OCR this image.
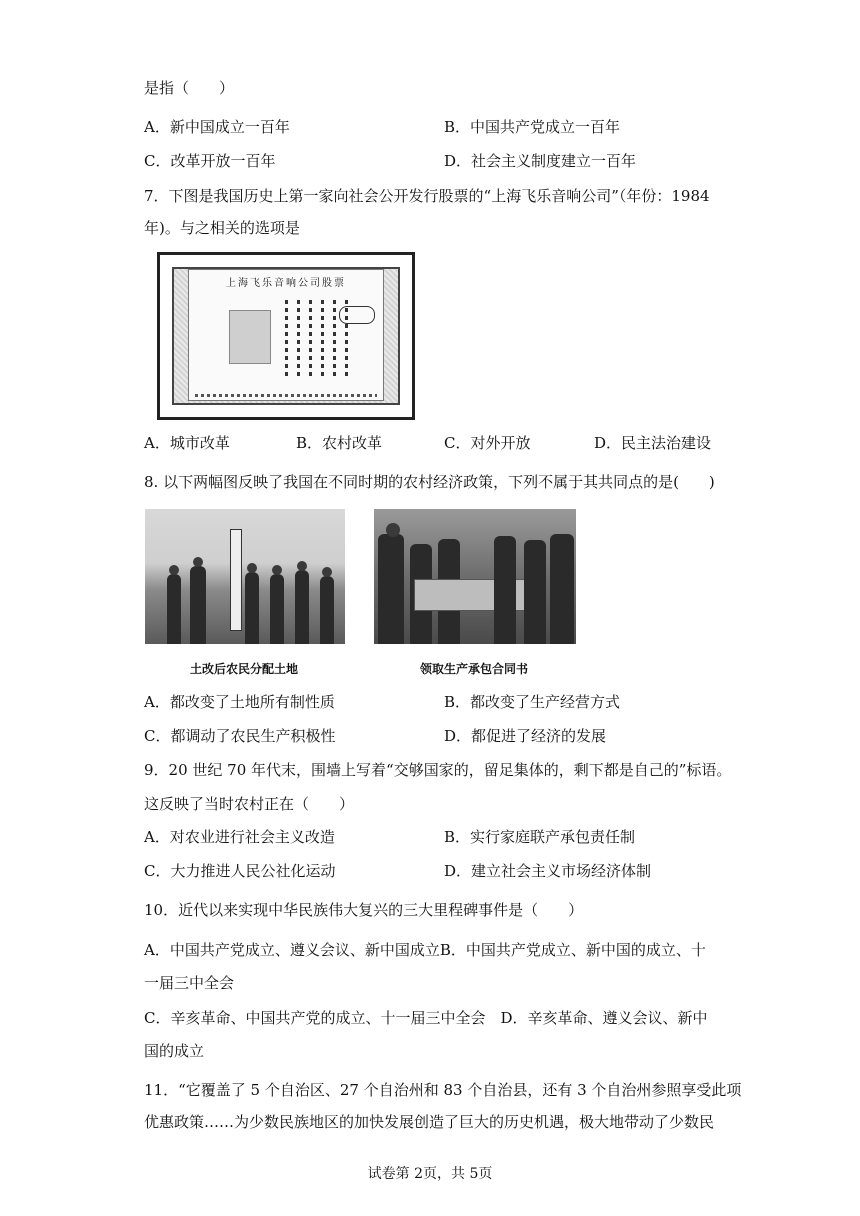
是指（　　）
A．新中国成立一百年	B．中国共产党成立一百年
C．改革开放一百年	D．社会主义制度建立一百年
7．下图是我国历史上第一家向社会公开发行股票的“上海飞乐音响公司”（年份：1984
年)。与之相关的选项是
上海飞乐音响公司股票
A．城市改革	B．农村改革	C．对外开放	D．民主法治建设
8. 以下两幅图反映了我国在不同时期的农村经济政策，下列不属于其共同点的是(　　)
土改后农民分配土地	领取生产承包合同书
A．都改变了土地所有制性质	B．都改变了生产经营方式
C．都调动了农民生产积极性	D．都促进了经济的发展
9．20 世纪 70 年代末，围墙上写着“交够国家的，留足集体的，剩下都是自己的”标语。
这反映了当时农村正在（　　）
A．对农业进行社会主义改造	B．实行家庭联产承包责任制
C．大力推进人民公社化运动	D．建立社会主义市场经济体制
10．近代以来实现中华民族伟大复兴的三大里程碑事件是（　　）
A．中国共产党成立、遵义会议、新中国成立B．中国共产党成立、新中国的成立、十
一届三中全会
C．辛亥革命、中国共产党的成立、十一届三中全会　D．辛亥革命、遵义会议、新中
国的成立
11．“它覆盖了 5 个自治区、27 个自治州和 83 个自治县，还有 3 个自治州参照享受此项
优惠政策……为少数民族地区的加快发展创造了巨大的历史机遇，极大地带动了少数民
试卷第 2页，共 5页
